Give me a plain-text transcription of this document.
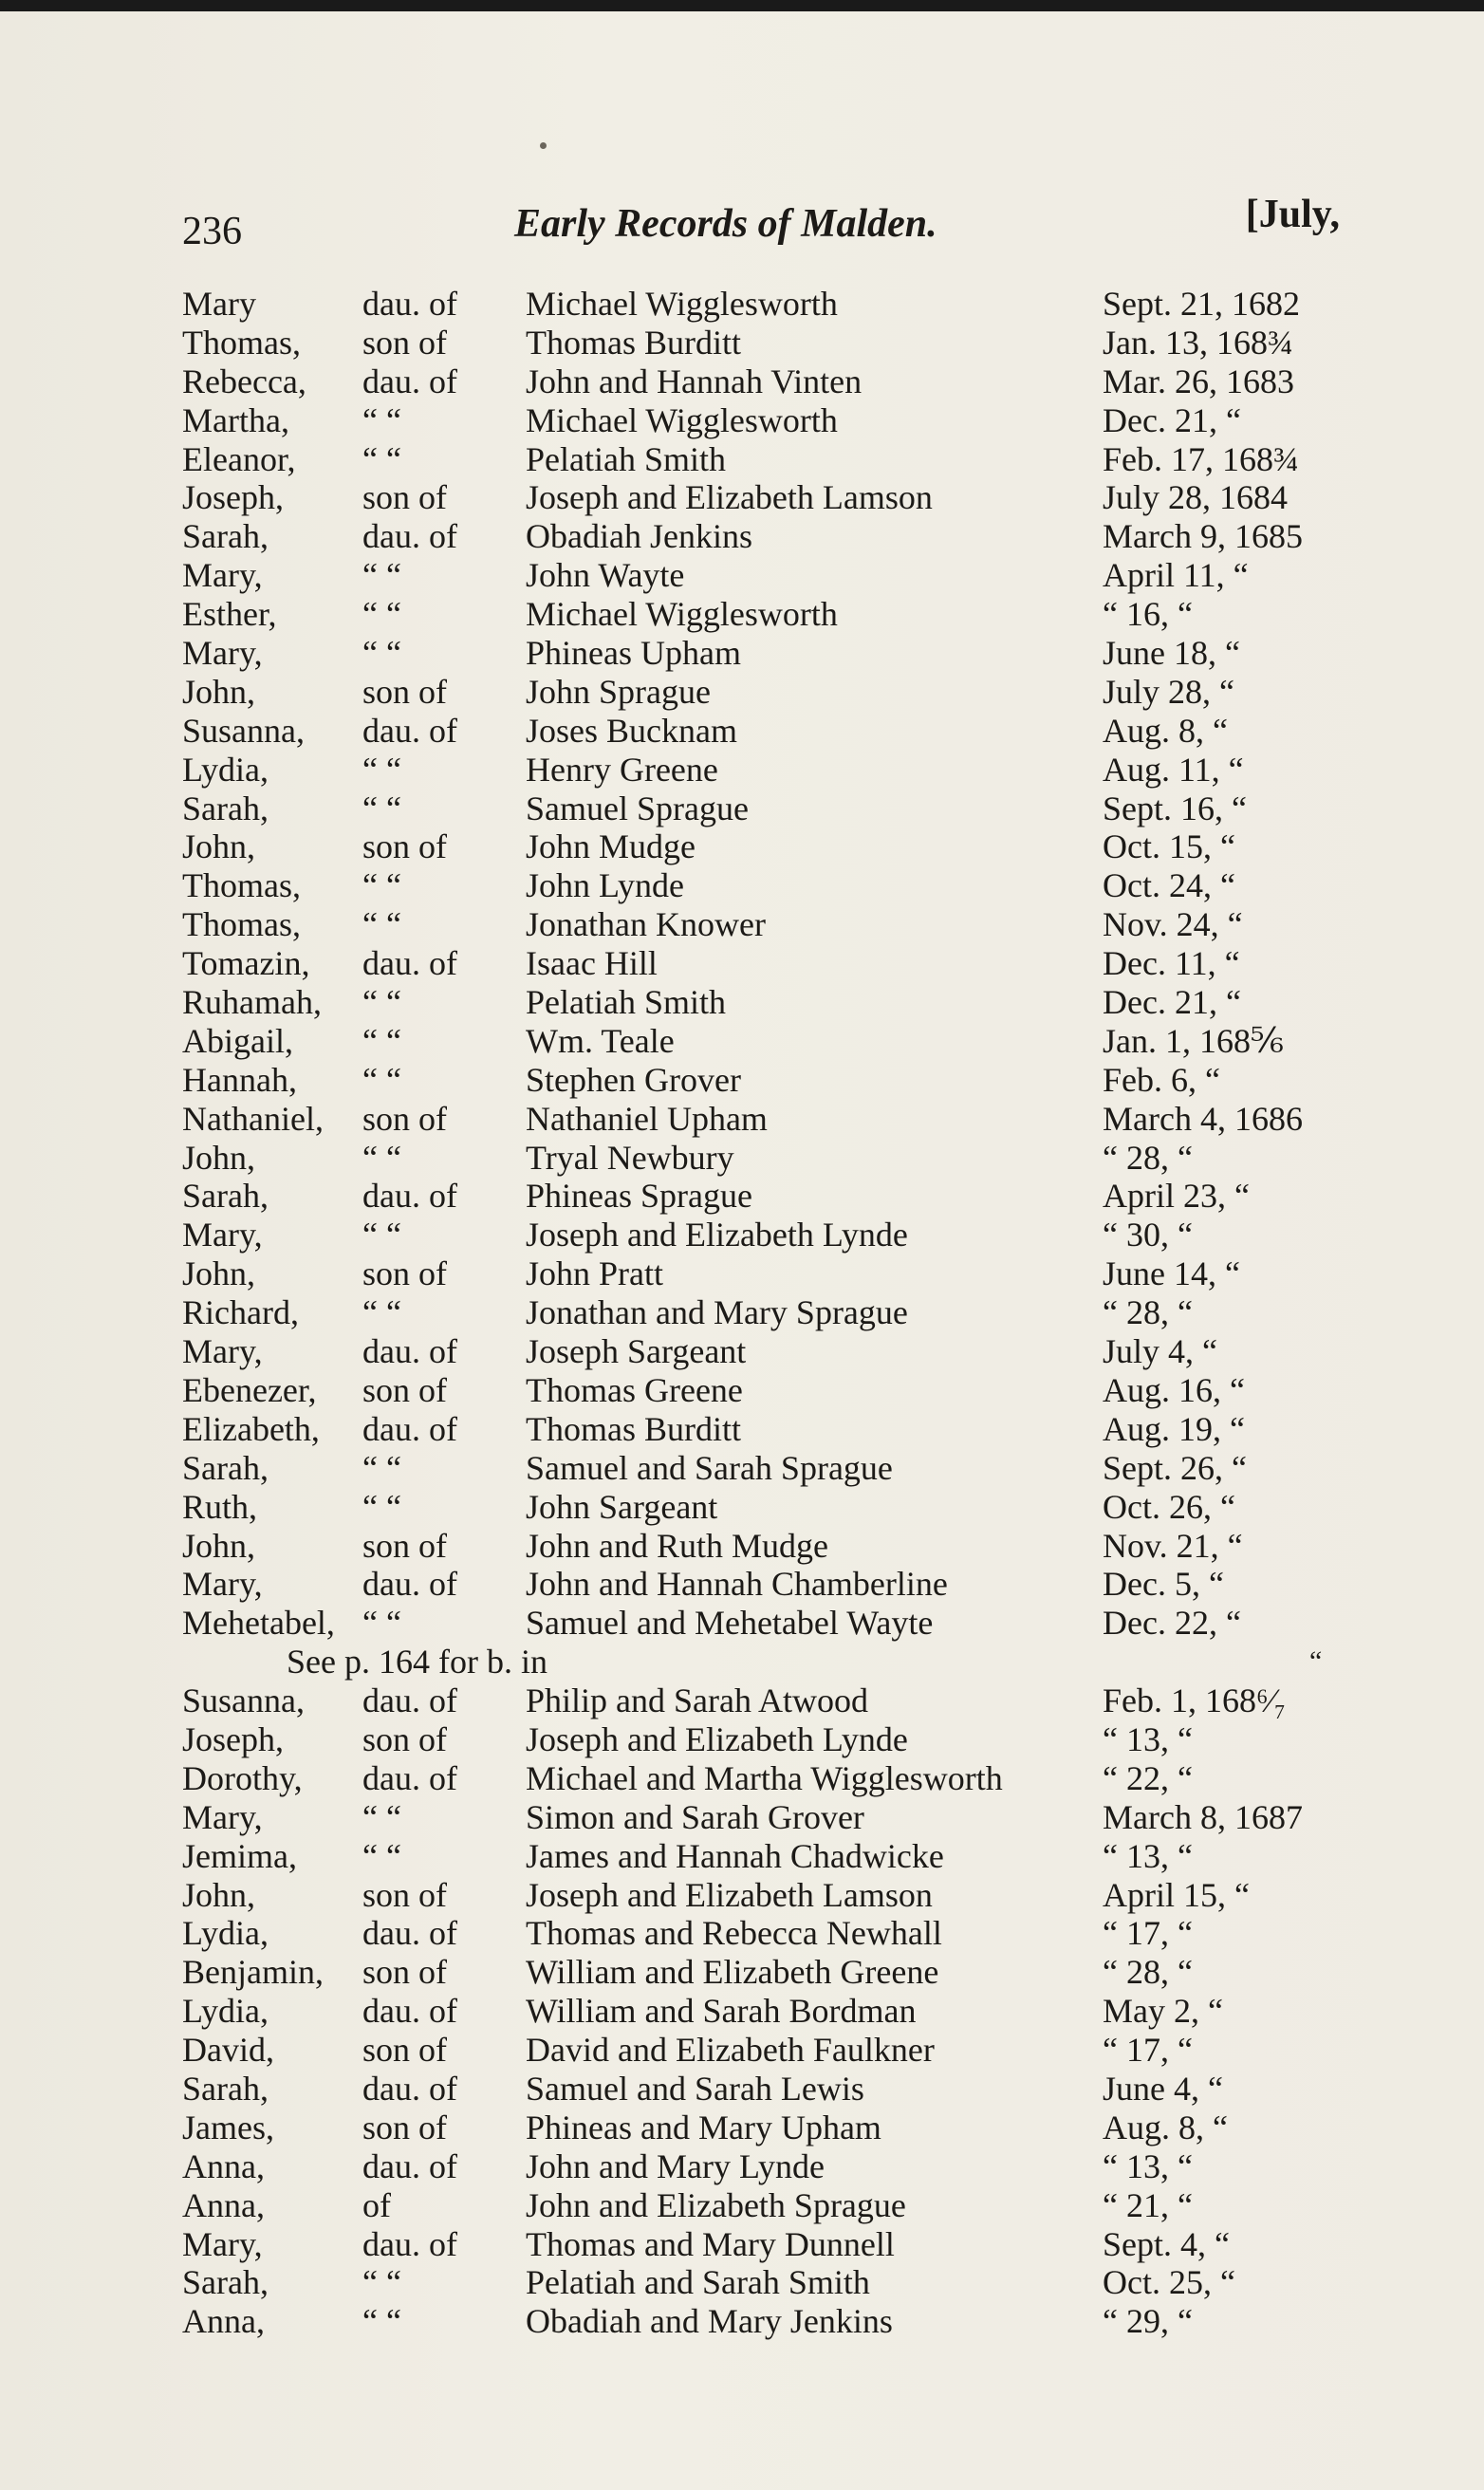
236	Early Records of Malden.	[July,
Mary	dau. of Michael Wigglesworth	Sept. 21, 1682
Thomas, son of Thomas Burditt	Jan. 13, 168¾
Rebecca, dau. of John and Hannah Vinten	Mar. 26, 1683
Martha, “ “	Michael Wigglesworth	Dec. 21, “
Eleanor, “ “	Pelatiah Smith	Feb. 17, 168¾
Joseph, son of Joseph and Elizabeth Lamson	July 28, 1684
Sarah,	dau. of Obadiah Jenkins	March 9, 1685
Mary,	“ “	John Wayte	April 11, “
Esther,	“ “	Michael Wigglesworth	“ 16, “
Mary,	“ “	Phineas Upham	June 18, “
John,	son of John Sprague	July 28, “
Susanna, dau. of Joses Bucknam	Aug. 8, “
Lydia,	“ “	Henry Greene	Aug. 11, “
Sarah,	“ “	Samuel Sprague	Sept. 16, “
John,	son of John Mudge	Oct. 15, “
Thomas, “ “	John Lynde	Oct. 24, “
Thomas, “ “	Jonathan Knower	Nov. 24, “
Tomazin, dau. of Isaac Hill	Dec. 11, “
Ruhamah, “ “	Pelatiah Smith	Dec. 21, “
Abigail, “ “	Wm. Teale	Jan. 1, 168⅚
Hannah, “ “	Stephen Grover	Feb. 6, “
Nathaniel, son of Nathaniel Upham	March 4, 1686
John,	“ “	Tryal Newbury	“ 28, “
Sarah,	dau. of Phineas Sprague	April 23, “
Mary,	“ “	Joseph and Elizabeth Lynde	“ 30, “
John,	son of John Pratt	June 14, “
Richard, “ “	Jonathan and Mary Sprague	“ 28, “
Mary,	dau. of Joseph Sargeant	July 4, “
Ebenezer, son of Thomas Greene	Aug. 16, “
Elizabeth, dau. of Thomas Burditt	Aug. 19, “
Sarah,	“ “	Samuel and Sarah Sprague	Sept. 26, “
Ruth,	“ “	John Sargeant	Oct. 26, “
John,	son of John and Ruth Mudge	Nov. 21, “
Mary,	dau. of John and Hannah Chamberline	Dec. 5, “
Mehetabel, “ “	Samuel and Mehetabel Wayte	Dec. 22, “
See p. 164 for b. in	“
Susanna, dau. of Philip and Sarah Atwood	Feb. 1, 168⁶⁄₇
Joseph, son of Joseph and Elizabeth Lynde	“ 13, “
Dorothy, dau. of Michael and Martha Wigglesworth	“ 22, “
Mary,	“ “	Simon and Sarah Grover	March 8, 1687
Jemima, “ “	James and Hannah Chadwicke	“ 13, “
John,	son of Joseph and Elizabeth Lamson	April 15, “
Lydia,	dau. of Thomas and Rebecca Newhall	“ 17, “
Benjamin, son of William and Elizabeth Greene	“ 28, “
Lydia,	dau. of William and Sarah Bordman	May 2, “
David,	son of David and Elizabeth Faulkner	“ 17, “
Sarah,	dau. of Samuel and Sarah Lewis	June 4, “
James,	son of Phineas and Mary Upham	Aug. 8, “
Anna,	dau. of John and Mary Lynde	“ 13, “
Anna,	of	John and Elizabeth Sprague	“ 21, “
Mary,	dau. of Thomas and Mary Dunnell	Sept. 4, “
Sarah,	“ “	Pelatiah and Sarah Smith	Oct. 25, “
Anna,	“ “	Obadiah and Mary Jenkins	“ 29, “
